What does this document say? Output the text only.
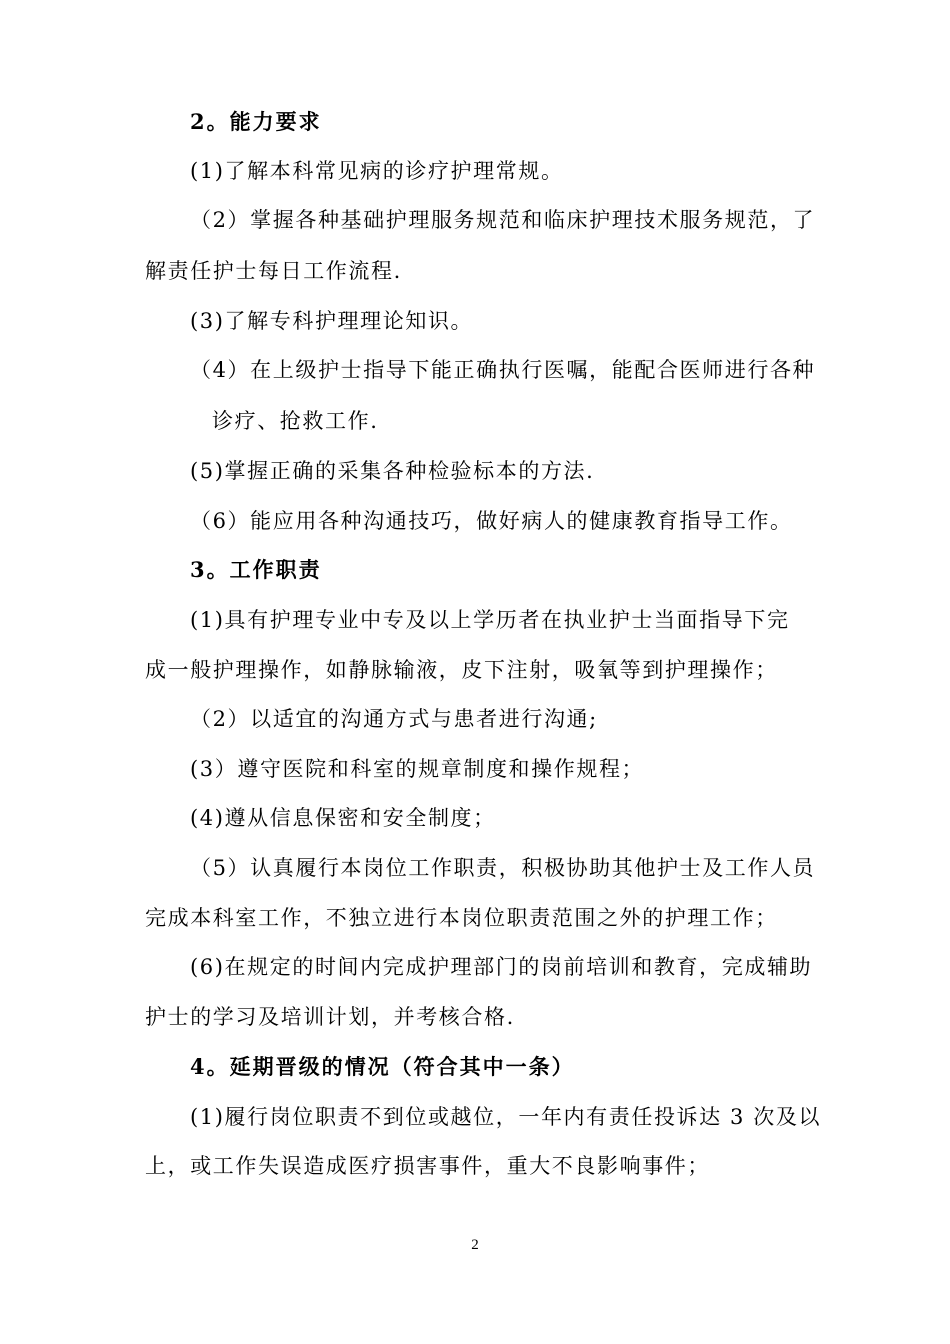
2。能力要求
(1)了解本科常见病的诊疗护理常规。
（2）掌握各种基础护理服务规范和临床护理技术服务规范，了
解责任护士每日工作流程.
(3)了解专科护理理论知识。
（4）在上级护士指导下能正确执行医嘱，能配合医师进行各种
诊疗、抢救工作.
(5)掌握正确的采集各种检验标本的方法.
（6）能应用各种沟通技巧，做好病人的健康教育指导工作。
3。工作职责
(1)具有护理专业中专及以上学历者在执业护士当面指导下完
成一般护理操作，如静脉输液，皮下注射，吸氧等到护理操作；
（2）以适宜的沟通方式与患者进行沟通;
(3）遵守医院和科室的规章制度和操作规程；
(4)遵从信息保密和安全制度；
（5）认真履行本岗位工作职责，积极协助其他护士及工作人员
完成本科室工作，不独立进行本岗位职责范围之外的护理工作；
(6)在规定的时间内完成护理部门的岗前培训和教育，完成辅助
护士的学习及培训计划，并考核合格.
4。延期晋级的情况（符合其中一条）
(1)履行岗位职责不到位或越位，一年内有责任投诉达 3 次及以
上，或工作失误造成医疗损害事件，重大不良影响事件；
2
